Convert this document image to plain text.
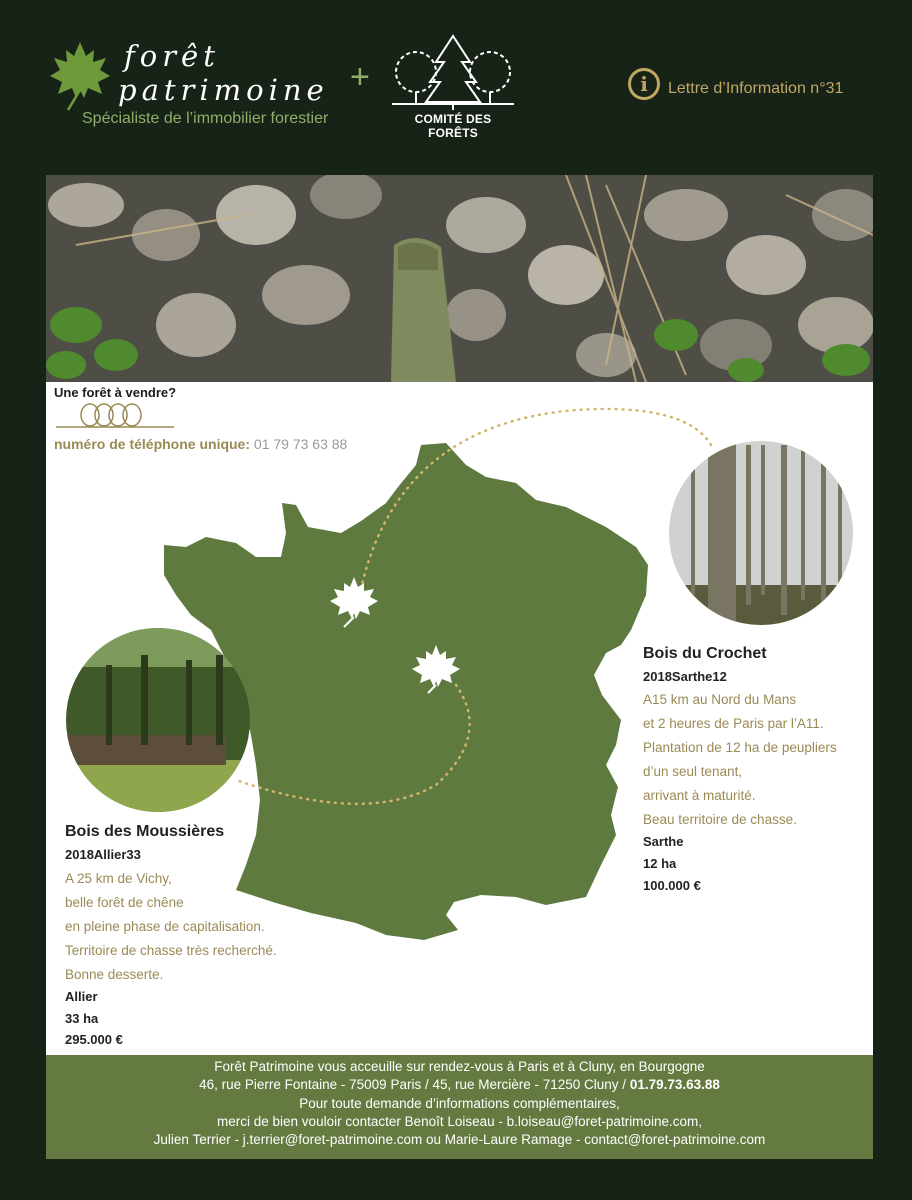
forêt
patrimoine
Spécialiste de l’immobilier forestier
+
COMITÉ DES FORÊTS
i	Lettre d’Information n°31
Une forêt à vendre?
numéro de téléphone unique: 01 79 73 63 88
Bois du Crochet
2018Sarthe12
A15 km au Nord du Mans
et 2 heures de Paris par l’A11.
Plantation de 12 ha de peupliers
d’un seul tenant,
arrivant à maturité.
Beau territoire de chasse.
Sarthe
12 ha
100.000 €
Bois des Moussières
2018Allier33
A 25 km de Vichy,
belle forêt de chêne
en pleine phase de capitalisation.
Territoire de chasse très recherché.
Bonne desserte.
Allier
33 ha
295.000 €
Forêt Patrimoine vous acceuille sur rendez-vous à Paris et à Cluny, en Bourgogne
46, rue Pierre Fontaine - 75009 Paris / 45, rue Mercière - 71250 Cluny / 01.79.73.63.88
Pour toute demande d’informations complémentaires,
merci de bien vouloir contacter Benoît Loiseau - b.loiseau@foret-patrimoine.com,
Julien Terrier - j.terrier@foret-patrimoine.com ou Marie-Laure Ramage - contact@foret-patrimoine.com
